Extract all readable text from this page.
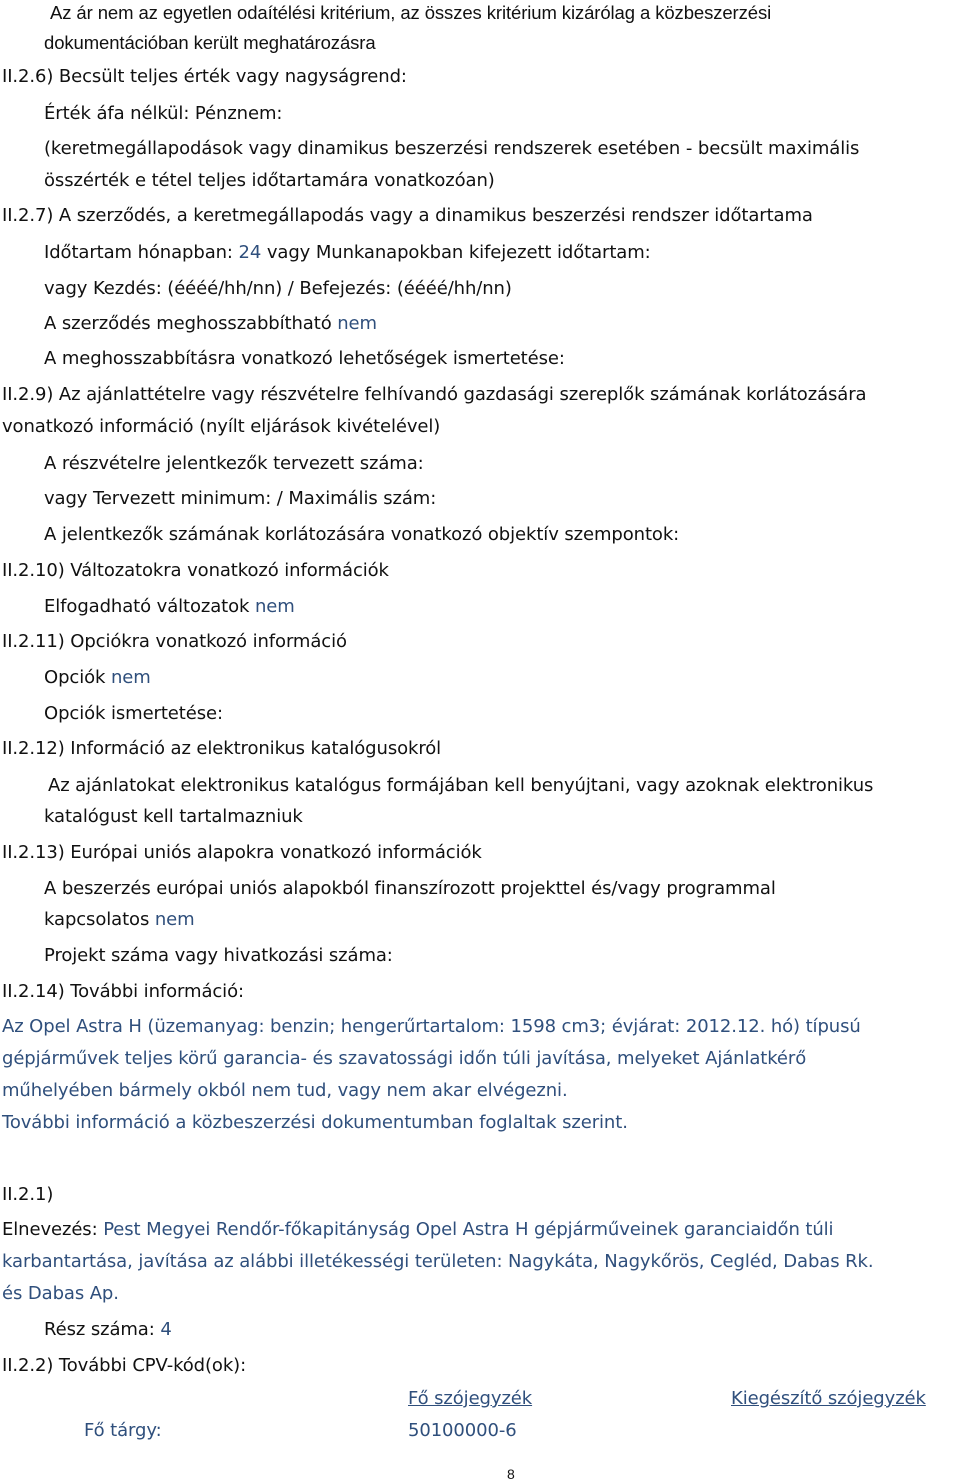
Az ár nem az egyetlen odaítélési kritérium, az összes kritérium kizárólag a közbeszerzési
dokumentációban került meghatározásra
II.2.6) Becsült teljes érték vagy nagyságrend:
Érték áfa nélkül: Pénznem:
(keretmegállapodások vagy dinamikus beszerzési rendszerek esetében - becsült maximális
összérték e tétel teljes időtartamára vonatkozóan)
II.2.7) A szerződés, a keretmegállapodás vagy a dinamikus beszerzési rendszer időtartama
Időtartam hónapban: 24 vagy Munkanapokban kifejezett időtartam:
vagy Kezdés: (éééé/hh/nn) / Befejezés: (éééé/hh/nn)
A szerződés meghosszabbítható nem
A meghosszabbításra vonatkozó lehetőségek ismertetése:
II.2.9) Az ajánlattételre vagy részvételre felhívandó gazdasági szereplők számának korlátozására
vonatkozó információ (nyílt eljárások kivételével)
A részvételre jelentkezők tervezett száma:
vagy Tervezett minimum: / Maximális szám:
A jelentkezők számának korlátozására vonatkozó objektív szempontok:
II.2.10) Változatokra vonatkozó információk
Elfogadható változatok nem
II.2.11) Opciókra vonatkozó információ
Opciók nem
Opciók ismertetése:
II.2.12) Információ az elektronikus katalógusokról
Az ajánlatokat elektronikus katalógus formájában kell benyújtani, vagy azoknak elektronikus
katalógust kell tartalmazniuk
II.2.13) Európai uniós alapokra vonatkozó információk
A beszerzés európai uniós alapokból finanszírozott projekttel és/vagy programmal
kapcsolatos nem
Projekt száma vagy hivatkozási száma:
II.2.14) További információ:
Az Opel Astra H (üzemanyag: benzin; hengerűrtartalom: 1598 cm3; évjárat: 2012.12. hó) típusú
gépjárművek teljes körű garancia- és szavatossági időn túli javítása, melyeket Ajánlatkérő
műhelyében bármely okból nem tud, vagy nem akar elvégezni.
További információ a közbeszerzési dokumentumban foglaltak szerint.
II.2.1)
Elnevezés: Pest Megyei Rendőr-főkapitányság Opel Astra H gépjárműveinek garanciaidőn túli
karbantartása, javítása az alábbi illetékességi területen: Nagykáta, Nagykőrös, Cegléd, Dabas Rk.
és Dabas Ap.
Rész száma: 4
II.2.2) További CPV-kód(ok):
Fő szójegyzék	Kiegészítő szójegyzék
Fő tárgy:	50100000-6
8
